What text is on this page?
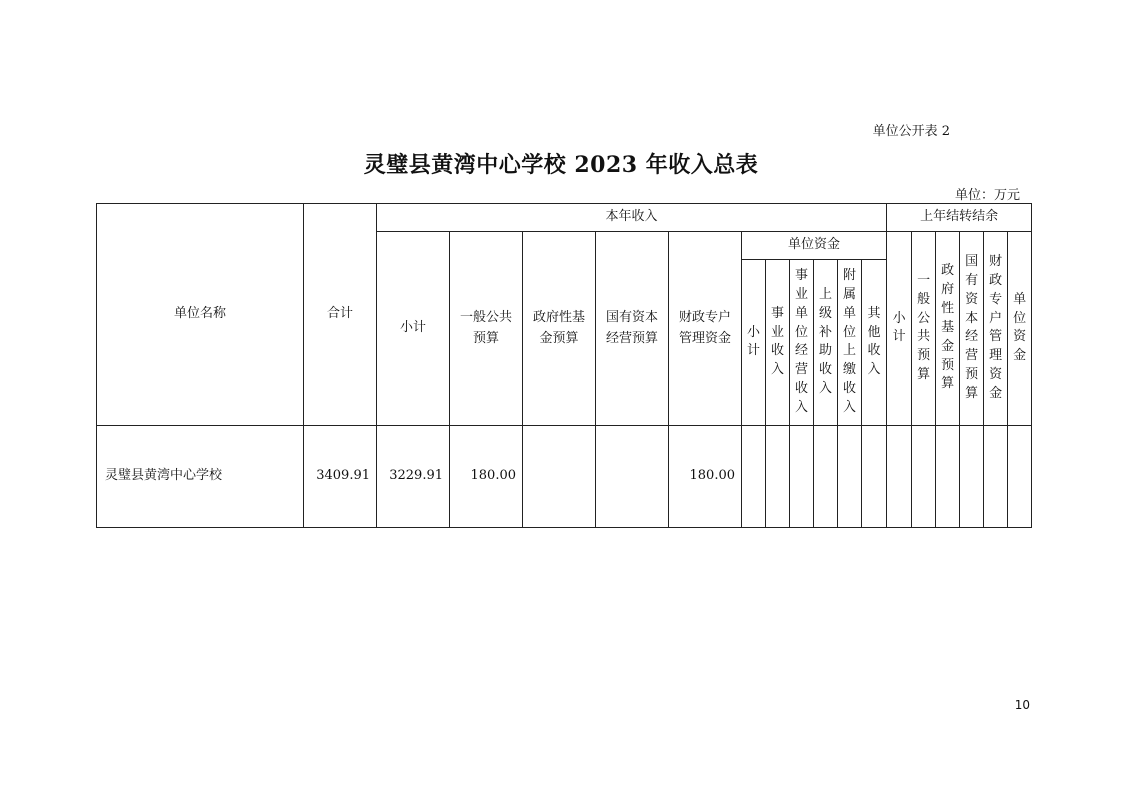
单位公开表 2
灵璧县黄湾中心学校 2023 年收入总表
单位：万元
单位名称	合计	本年收入											上年结转结余					
		小计	一般公共预算	政府性基金预算	国有资本经营预算	财政专户管理资金	单位资金						小计	一般公共预算	政府性基金预算	国有资本经营预算	财政专户管理资金	单位资金
							小计	事业 收入	事业单位经营收入	上级补助收入	附属单位上缴收入	其他 收入						
灵璧县黄湾中心学校	3409.91	3229.91	180.00			180.00												
10
